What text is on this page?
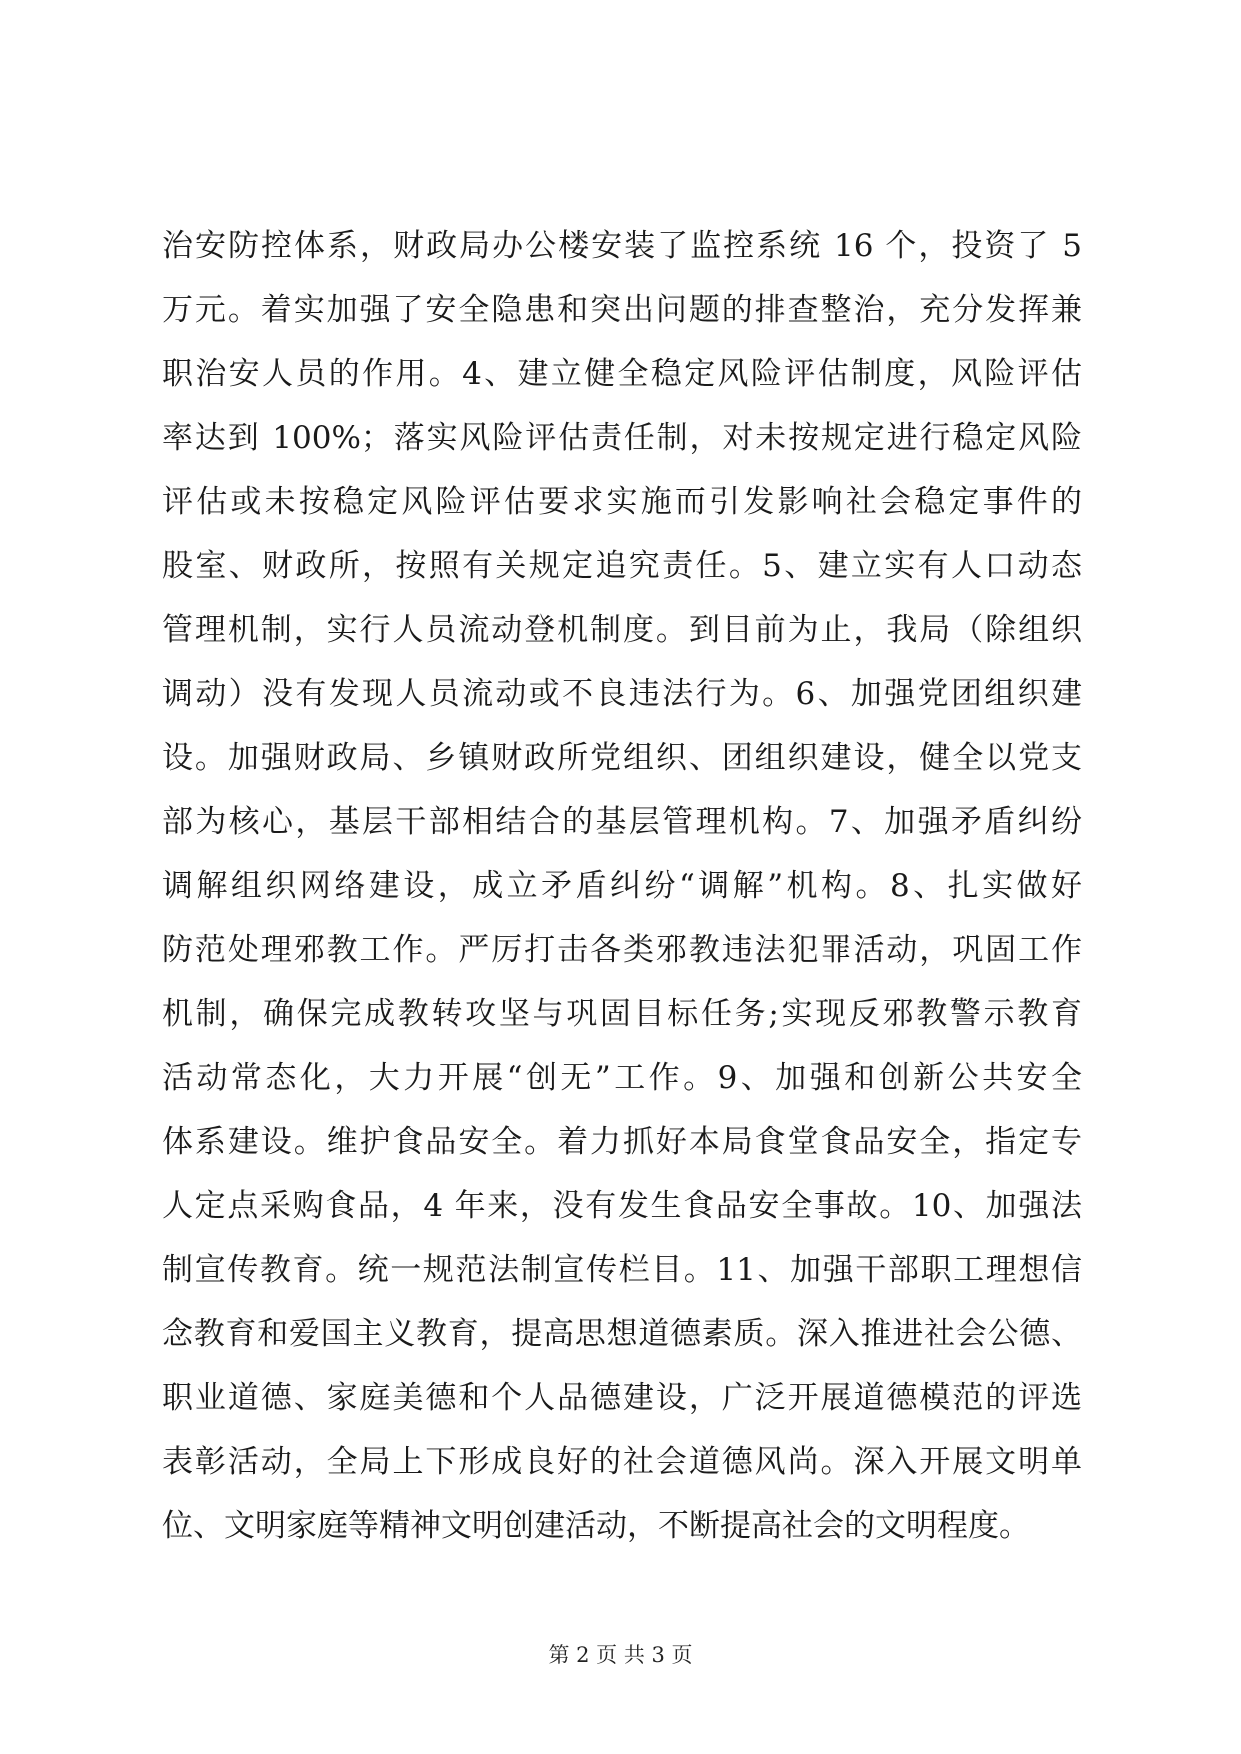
治安防控体系，财政局办公楼安装了监控系统 16 个，投资了 5
万元。着实加强了安全隐患和突出问题的排查整治，充分发挥兼
职治安人员的作用。4、建立健全稳定风险评估制度，风险评估
率达到 100%；落实风险评估责任制，对未按规定进行稳定风险
评估或未按稳定风险评估要求实施而引发影响社会稳定事件的
股室、财政所，按照有关规定追究责任。5、建立实有人口动态
管理机制，实行人员流动登机制度。到目前为止，我局（除组织
调动）没有发现人员流动或不良违法行为。6、加强党团组织建
设。加强财政局、乡镇财政所党组织、团组织建设，健全以党支
部为核心，基层干部相结合的基层管理机构。7、加强矛盾纠纷
调解组织网络建设，成立矛盾纠纷“调解”机构。8、扎实做好
防范处理邪教工作。严厉打击各类邪教违法犯罪活动，巩固工作
机制，确保完成教转攻坚与巩固目标任务;实现反邪教警示教育
活动常态化，大力开展“创无”工作。9、加强和创新公共安全
体系建设。维护食品安全。着力抓好本局食堂食品安全，指定专
人定点采购食品，4 年来，没有发生食品安全事故。10、加强法
制宣传教育。统一规范法制宣传栏目。11、加强干部职工理想信
念教育和爱国主义教育，提高思想道德素质。深入推进社会公德、
职业道德、家庭美德和个人品德建设，广泛开展道德模范的评选
表彰活动，全局上下形成良好的社会道德风尚。深入开展文明单
位、文明家庭等精神文明创建活动，不断提高社会的文明程度。
第 2 页 共 3 页
